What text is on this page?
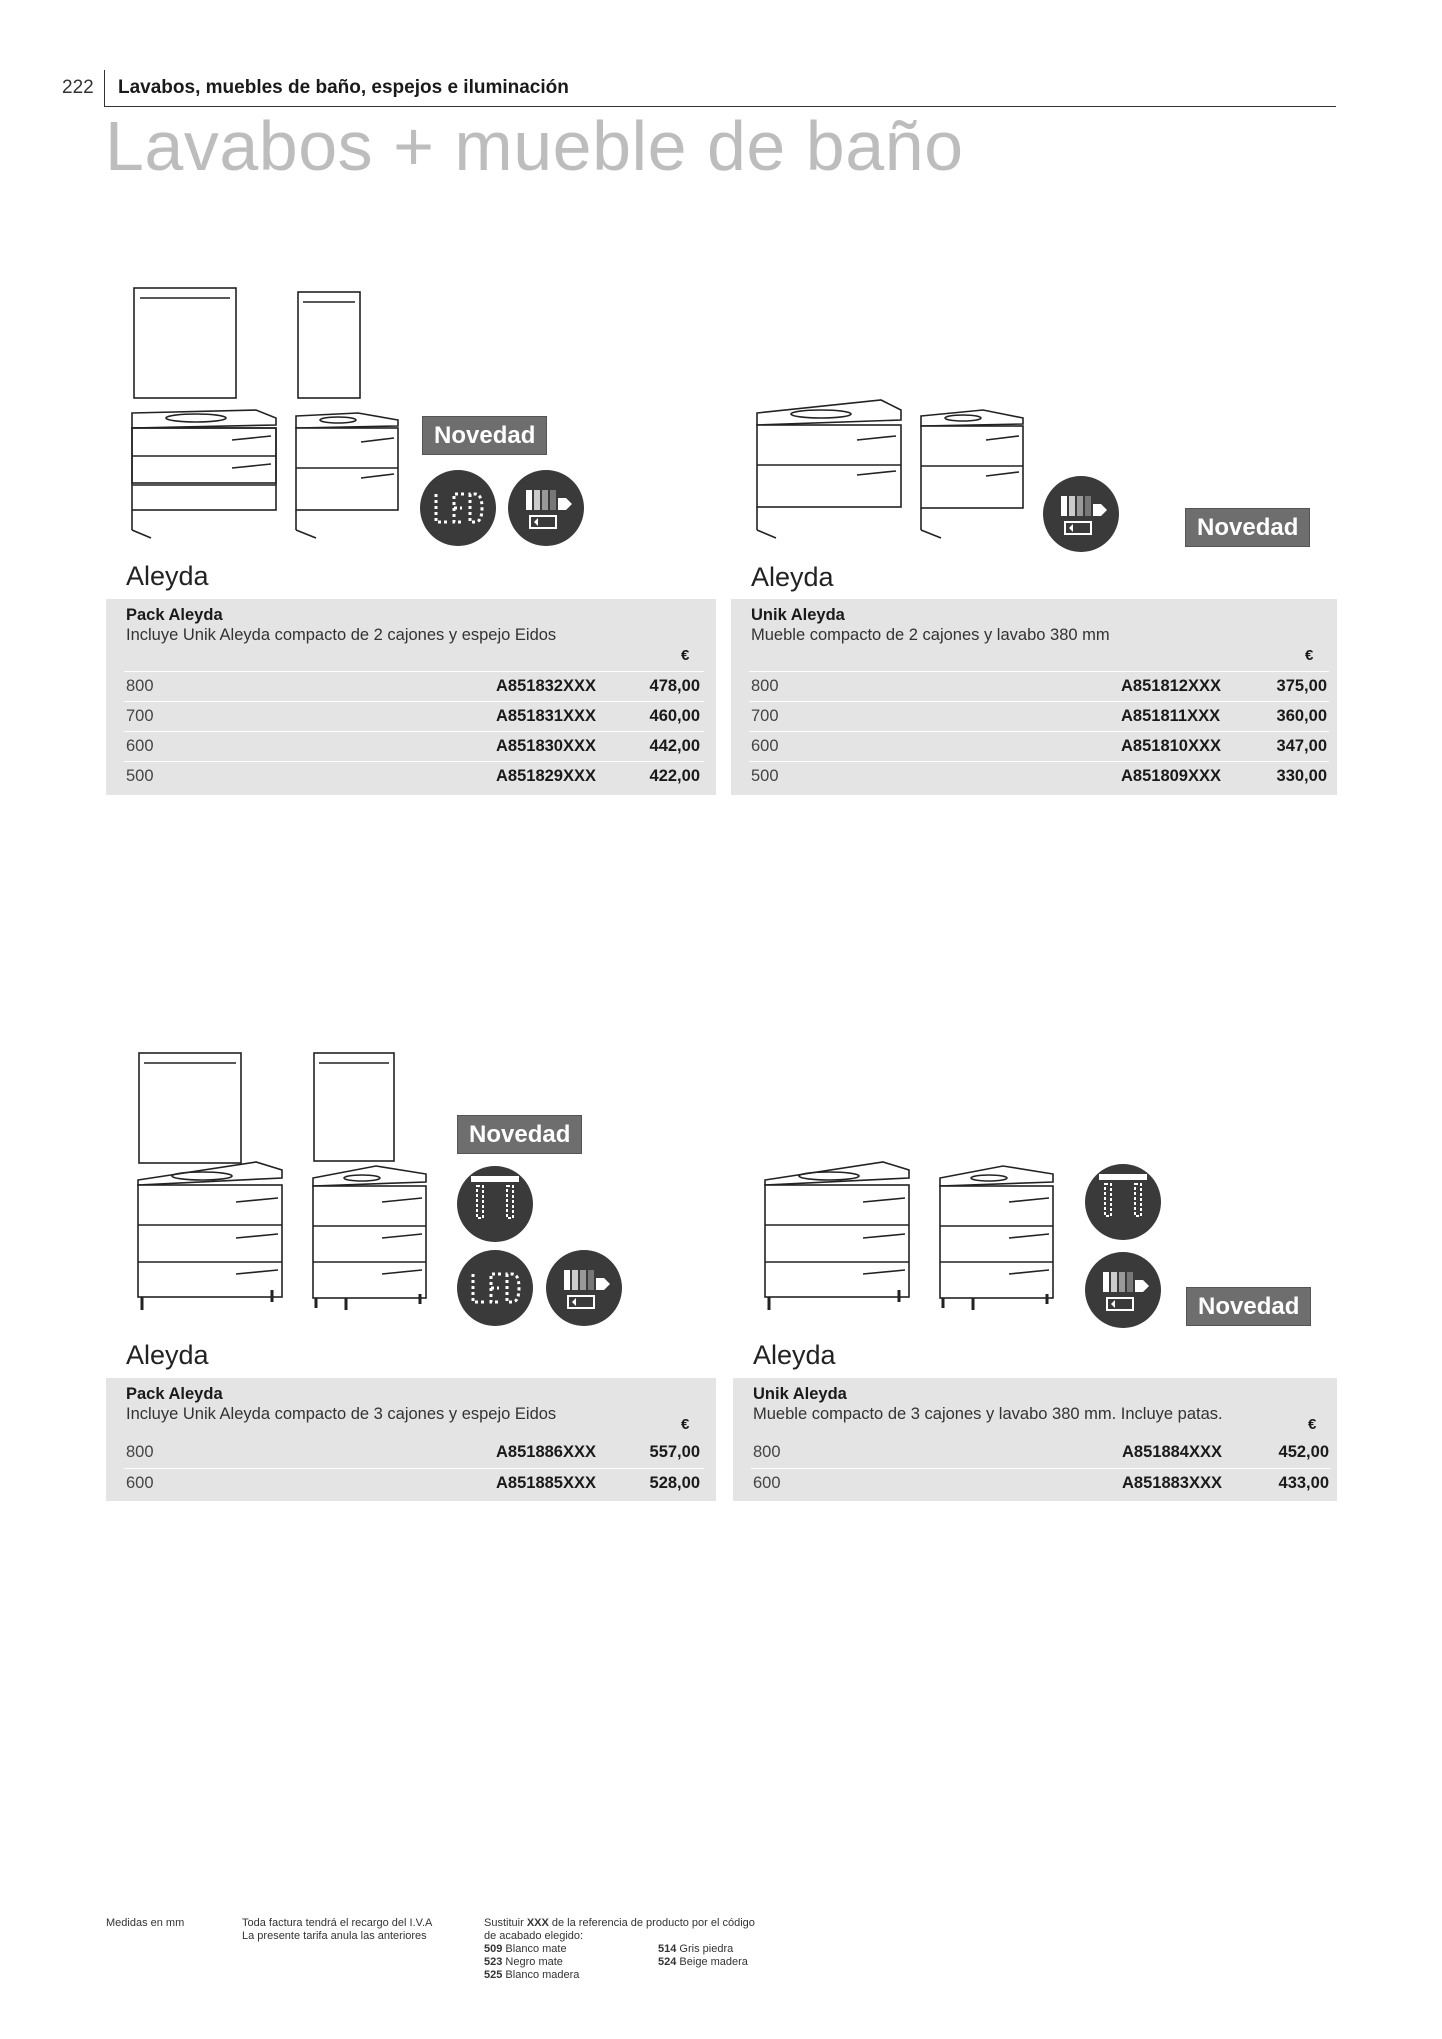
222 Lavabos, muebles de baño, espejos e iluminación
Lavabos + mueble de baño
Novedad
Aleyda
Pack Aleyda
Incluye Unik Aleyda compacto de 2 cajones y espejo Eidos
€
800	A851832XXX	478,00
700	A851831XXX	460,00
600	A851830XXX	442,00
500	A851829XXX	422,00
Novedad
Aleyda
Unik Aleyda
Mueble compacto de 2 cajones y lavabo 380 mm
€
800	A851812XXX	375,00
700	A851811XXX	360,00
600	A851810XXX	347,00
500	A851809XXX	330,00
Novedad
Aleyda
Pack Aleyda
Incluye Unik Aleyda compacto de 3 cajones y espejo Eidos
€
800	A851886XXX	557,00
600	A851885XXX	528,00
Novedad
Aleyda
Unik Aleyda
Mueble compacto de 3 cajones y lavabo 380 mm. Incluye patas.
€
800	A851884XXX	452,00
600	A851883XXX	433,00
Medidas en mm	Toda factura tendrá el recargo del I.V.A
La presente tarifa anula las anteriores
Sustituir XXX de la referencia de producto por el código
de acabado elegido:
509 Blanco mate
523 Negro mate
525 Blanco madera
514 Gris piedra
524 Beige madera
